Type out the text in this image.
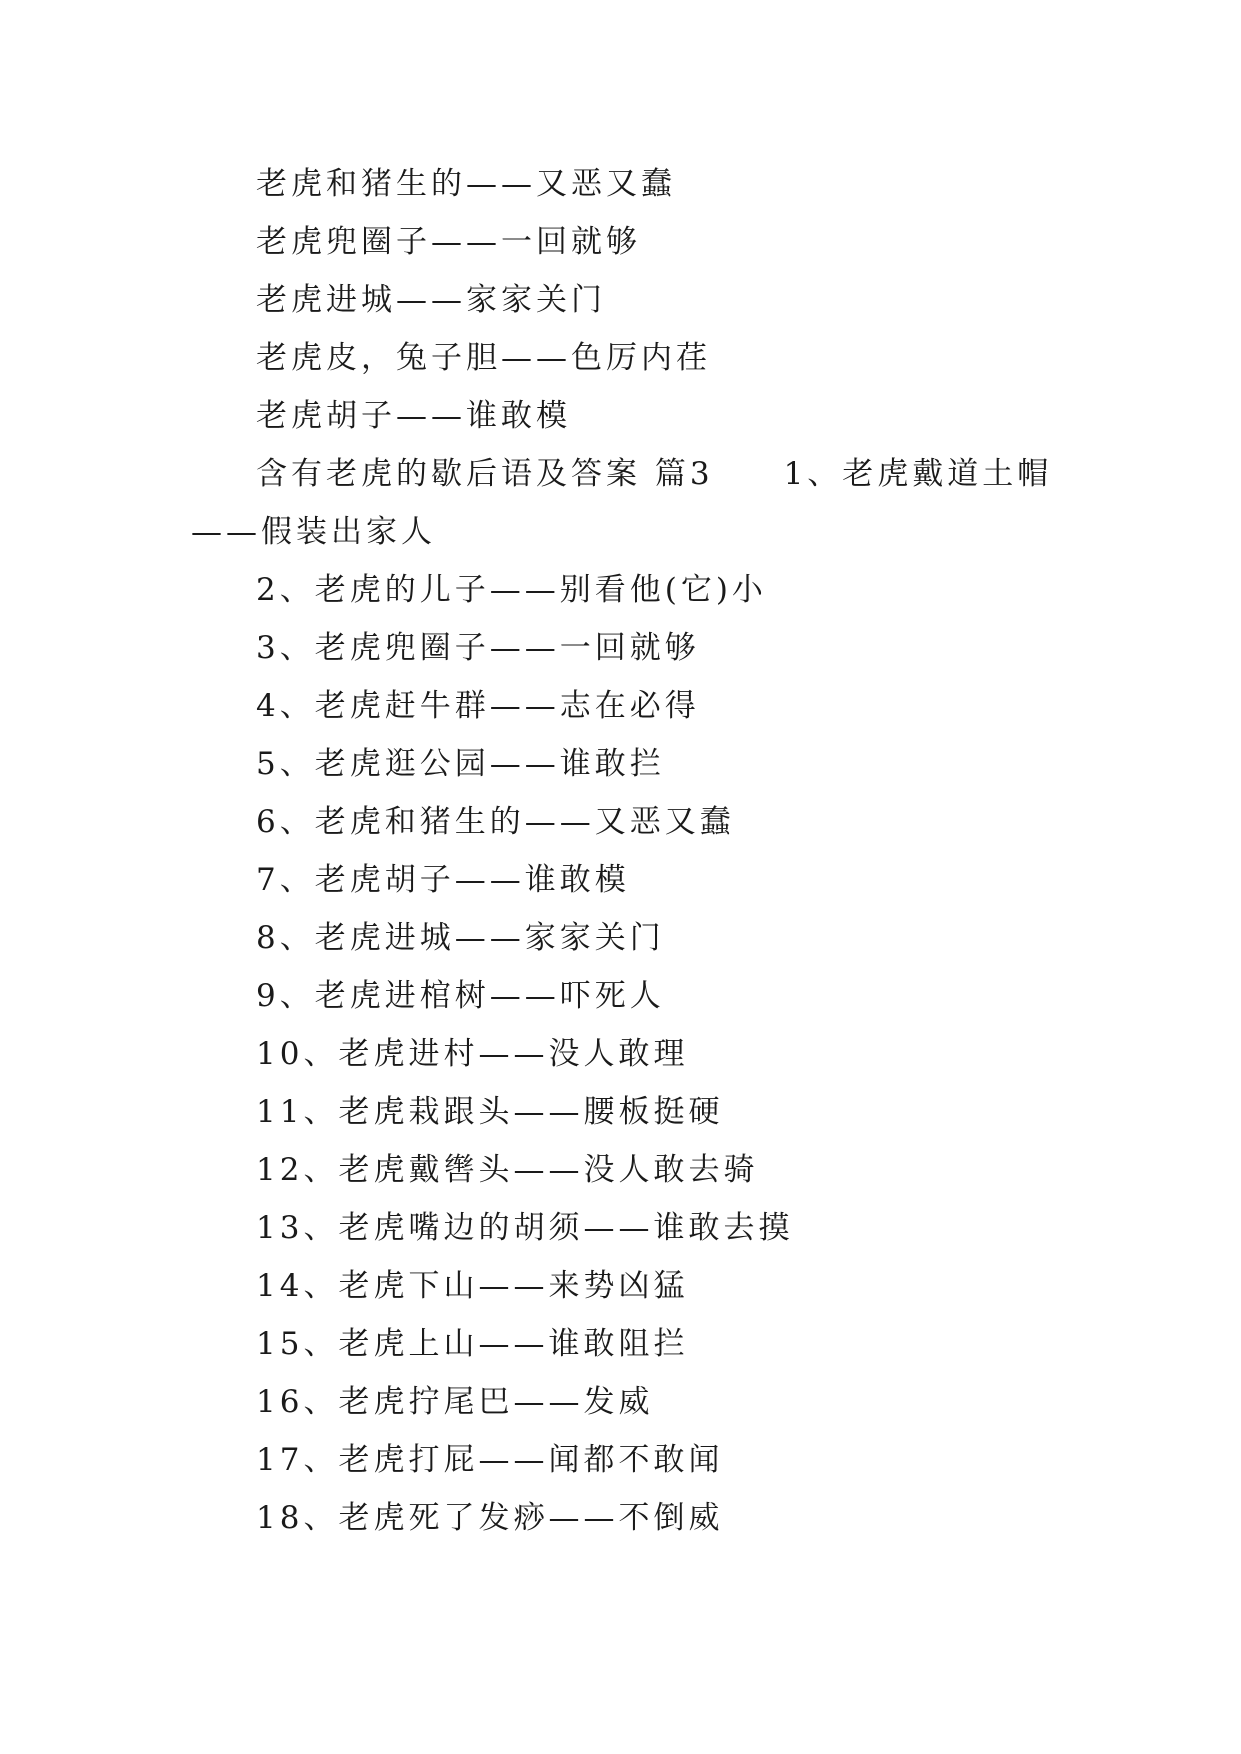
老虎和猪生的——又恶又蠢
老虎兜圈子——一回就够
老虎进城——家家关门
老虎皮，兔子胆——色厉内荏
老虎胡子——谁敢模
含有老虎的歇后语及答案 篇3　　1、老虎戴道土帽
——假装出家人
2、老虎的儿子——别看他(它)小
3、老虎兜圈子——一回就够
4、老虎赶牛群——志在必得
5、老虎逛公园——谁敢拦
6、老虎和猪生的——又恶又蠢
7、老虎胡子——谁敢模
8、老虎进城——家家关门
9、老虎进棺树——吓死人
10、老虎进村——没人敢理
11、老虎栽跟头——腰板挺硬
12、老虎戴辔头——没人敢去骑
13、老虎嘴边的胡须——谁敢去摸
14、老虎下山——来势凶猛
15、老虎上山——谁敢阻拦
16、老虎拧尾巴——发威
17、老虎打屁——闻都不敢闻
18、老虎死了发痧——不倒威
